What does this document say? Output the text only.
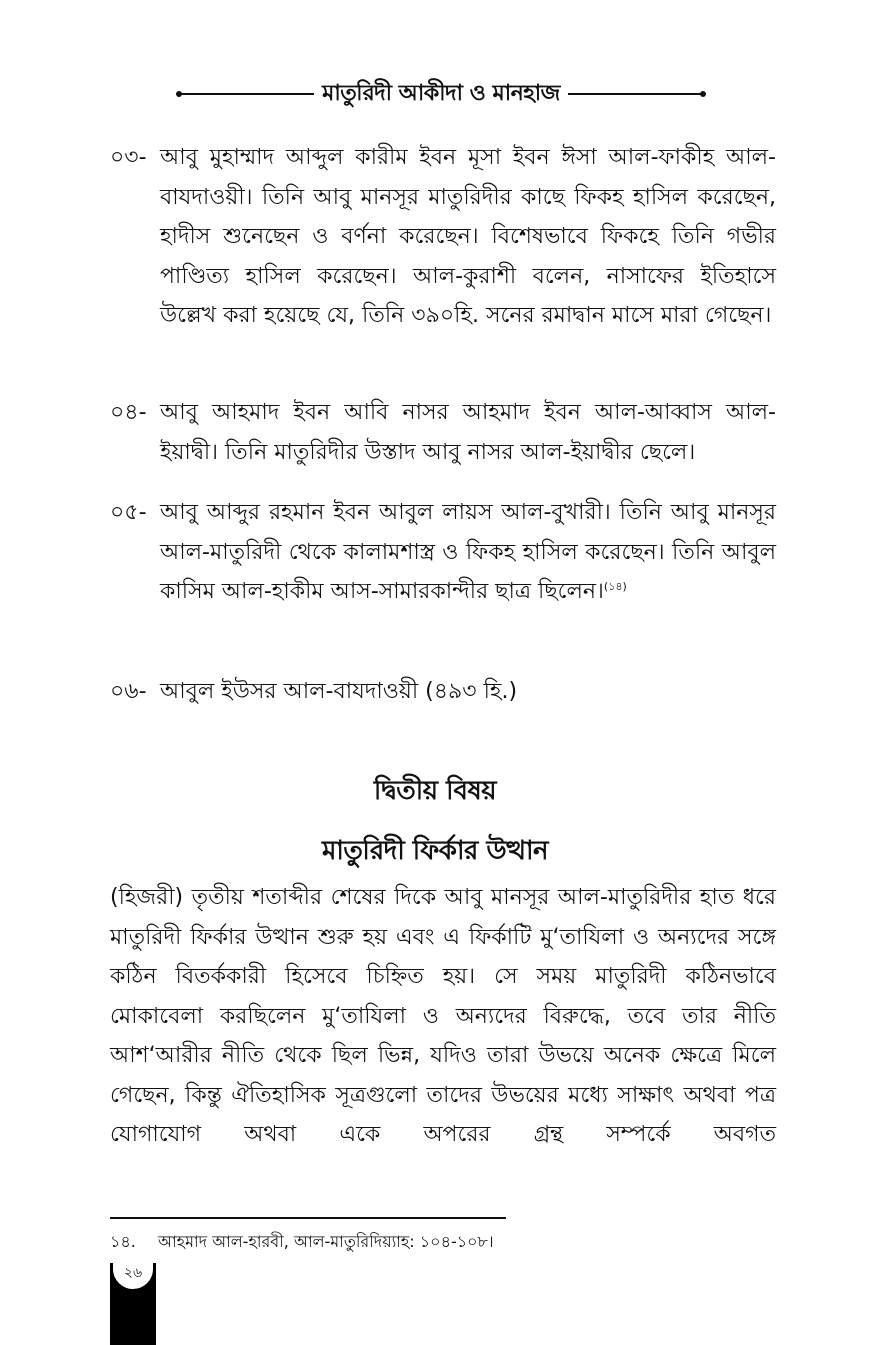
মাতুরিদী আকীদা ও মানহাজ
০৩- আবু মুহাম্মাদ আব্দুল কারীম ইবন মূসা ইবন ঈসা আল-ফাকীহ আল-বাযদাওয়ী। তিনি আবু মানসূর মাতুরিদীর কাছে ফিকহ হাসিল করেছেন, হাদীস শুনেছেন ও বর্ণনা করেছেন। বিশেষভাবে ফিকহে তিনি গভীর পাণ্ডিত্য হাসিল করেছেন। আল-কুরাশী বলেন, নাসাফের ইতিহাসে উল্লেখ করা হয়েছে যে, তিনি ৩৯০হি. সনের রমাদ্বান মাসে মারা গেছেন।
০৪- আবু আহমাদ ইবন আবি নাসর আহমাদ ইবন আল-আব্বাস আল-ইয়াদ্বী। তিনি মাতুরিদীর উস্তাদ আবু নাসর আল-ইয়াদ্বীর ছেলে।
০৫- আবু আব্দুর রহমান ইবন আবুল লায়স আল-বুখারী। তিনি আবু মানসূর আল-মাতুরিদী থেকে কালামশাস্ত্র ও ফিকহ হাসিল করেছেন। তিনি আবুল কাসিম আল-হাকীম আস-সামারকান্দীর ছাত্র ছিলেন।$^{(১৪)}$
০৬- আবুল ইউসর আল-বাযদাওয়ী (৪৯৩ হি.)
দ্বিতীয় বিষয়
মাতুরিদী ফির্কার উত্থান
(হিজরী) তৃতীয় শতাব্দীর শেষের দিকে আবু মানসূর আল-মাতুরিদীর হাত ধরে মাতুরিদী ফির্কার উত্থান শুরু হয় এবং এ ফির্কাটি মু‘তাযিলা ও অন্যদের সঙ্গে কঠিন বিতর্ককারী হিসেবে চিহ্নিত হয়। সে সময় মাতুরিদী কঠিনভাবে মোকাবেলা করছিলেন মু‘তাযিলা ও অন্যদের বিরুদ্ধে, তবে তার নীতি আশ‘আরীর নীতি থেকে ছিল ভিন্ন, যদিও তারা উভয়ে অনেক ক্ষেত্রে মিলে গেছেন, কিন্তু ঐতিহাসিক সূত্রগুলো তাদের উভয়ের মধ্যে সাক্ষাৎ অথবা পত্র যোগাযোগ অথবা একে অপরের গ্রন্থ সম্পর্কে অবগত
১৪. আহমাদ আল-হারবী, আল-মাতুরিদিয়্যাহ: ১০৪-১০৮।
২৬
